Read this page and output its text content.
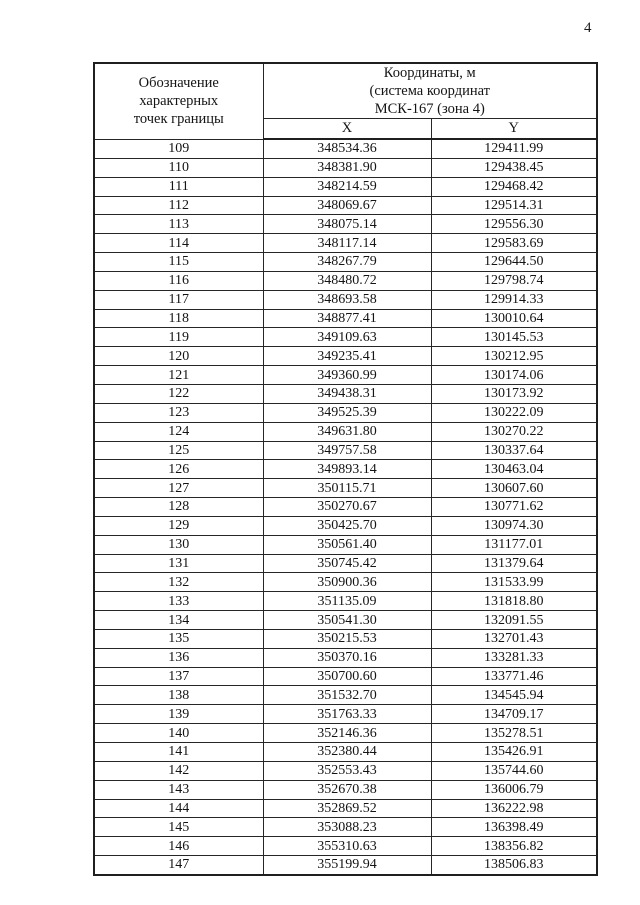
4
Обозначение
характерных
точек границы	Координаты, м
(система координат
МСК-167 (зона 4)	

	X	Y
109	348534.36	129411.99
110	348381.90	129438.45
111	348214.59	129468.42
112	348069.67	129514.31
113	348075.14	129556.30
114	348117.14	129583.69
115	348267.79	129644.50
116	348480.72	129798.74
117	348693.58	129914.33
118	348877.41	130010.64
119	349109.63	130145.53
120	349235.41	130212.95
121	349360.99	130174.06
122	349438.31	130173.92
123	349525.39	130222.09
124	349631.80	130270.22
125	349757.58	130337.64
126	349893.14	130463.04
127	350115.71	130607.60
128	350270.67	130771.62
129	350425.70	130974.30
130	350561.40	131177.01
131	350745.42	131379.64
132	350900.36	131533.99
133	351135.09	131818.80
134	350541.30	132091.55
135	350215.53	132701.43
136	350370.16	133281.33
137	350700.60	133771.46
138	351532.70	134545.94
139	351763.33	134709.17
140	352146.36	135278.51
141	352380.44	135426.91
142	352553.43	135744.60
143	352670.38	136006.79
144	352869.52	136222.98
145	353088.23	136398.49
146	355310.63	138356.82
147	355199.94	138506.83
